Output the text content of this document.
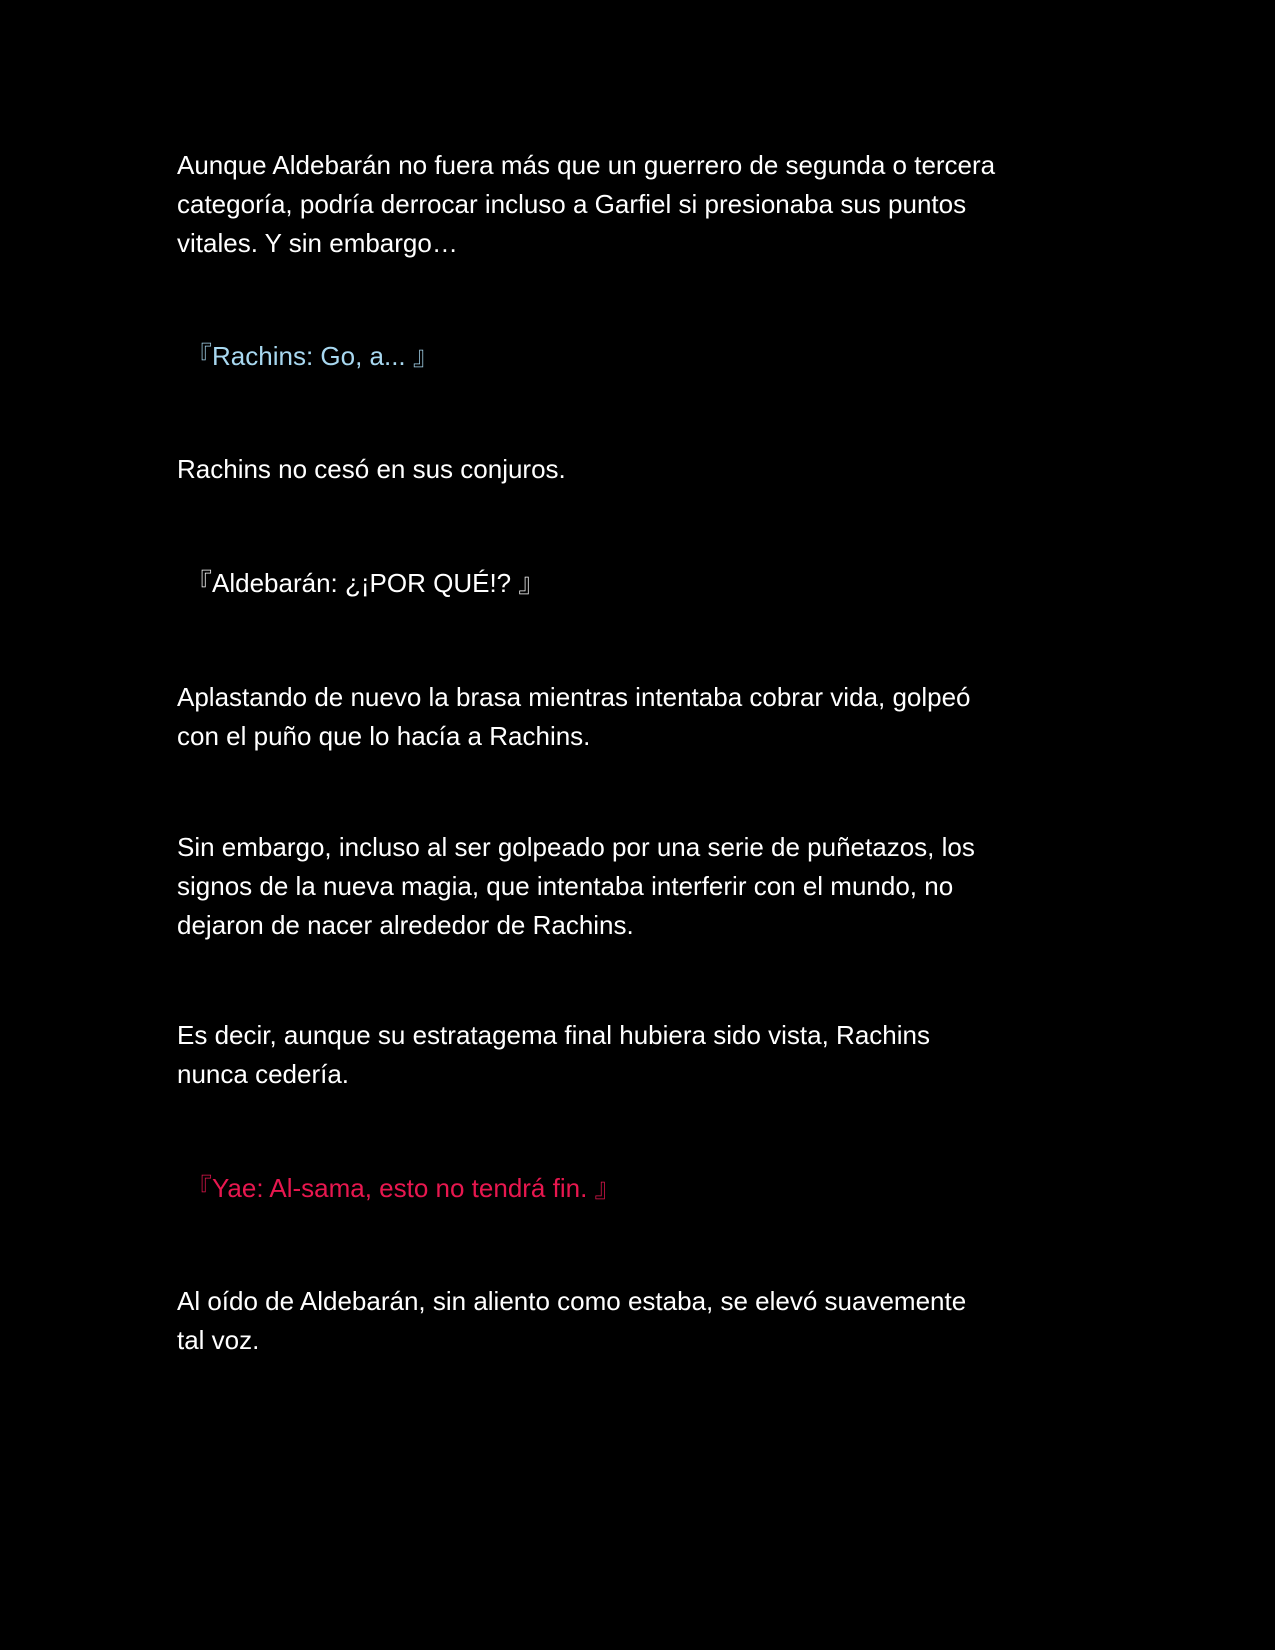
Aunque Aldebarán no fuera más que un guerrero de segunda o tercera
categoría, podría derrocar incluso a Garfiel si presionaba sus puntos
vitales. Y sin embargo…

『Rachins: Go, a... 』

Rachins no cesó en sus conjuros.

『Aldebarán: ¿¡POR QUÉ!? 』

Aplastando de nuevo la brasa mientras intentaba cobrar vida, golpeó
con el puño que lo hacía a Rachins.

Sin embargo, incluso al ser golpeado por una serie de puñetazos, los
signos de la nueva magia, que intentaba interferir con el mundo, no
dejaron de nacer alrededor de Rachins.

Es decir, aunque su estratagema final hubiera sido vista, Rachins
nunca cedería.

『Yae: Al-sama, esto no tendrá fin. 』

Al oído de Aldebarán, sin aliento como estaba, se elevó suavemente
tal voz.
